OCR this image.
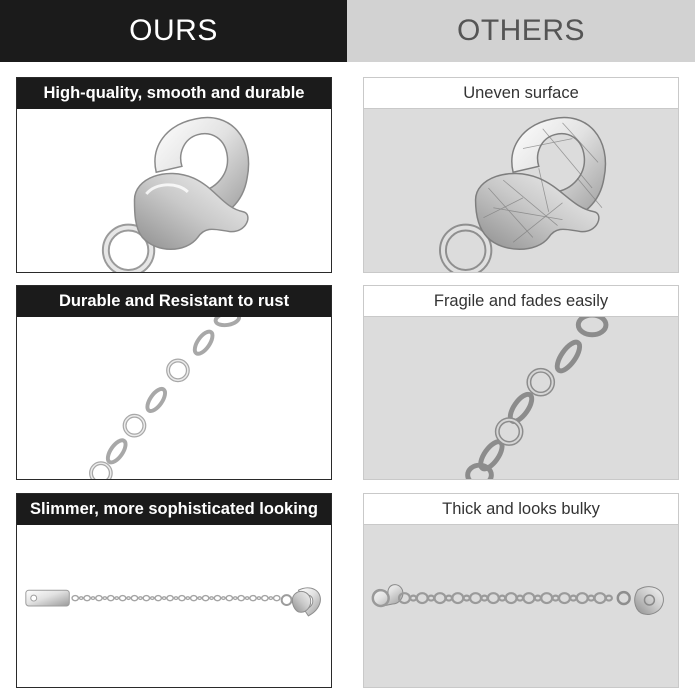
OURS	OTHERS
High-quality, smooth and durable	Uneven surface
Durable and Resistant to rust	Fragile and fades easily
Slimmer, more sophisticated looking	Thick and looks bulky
